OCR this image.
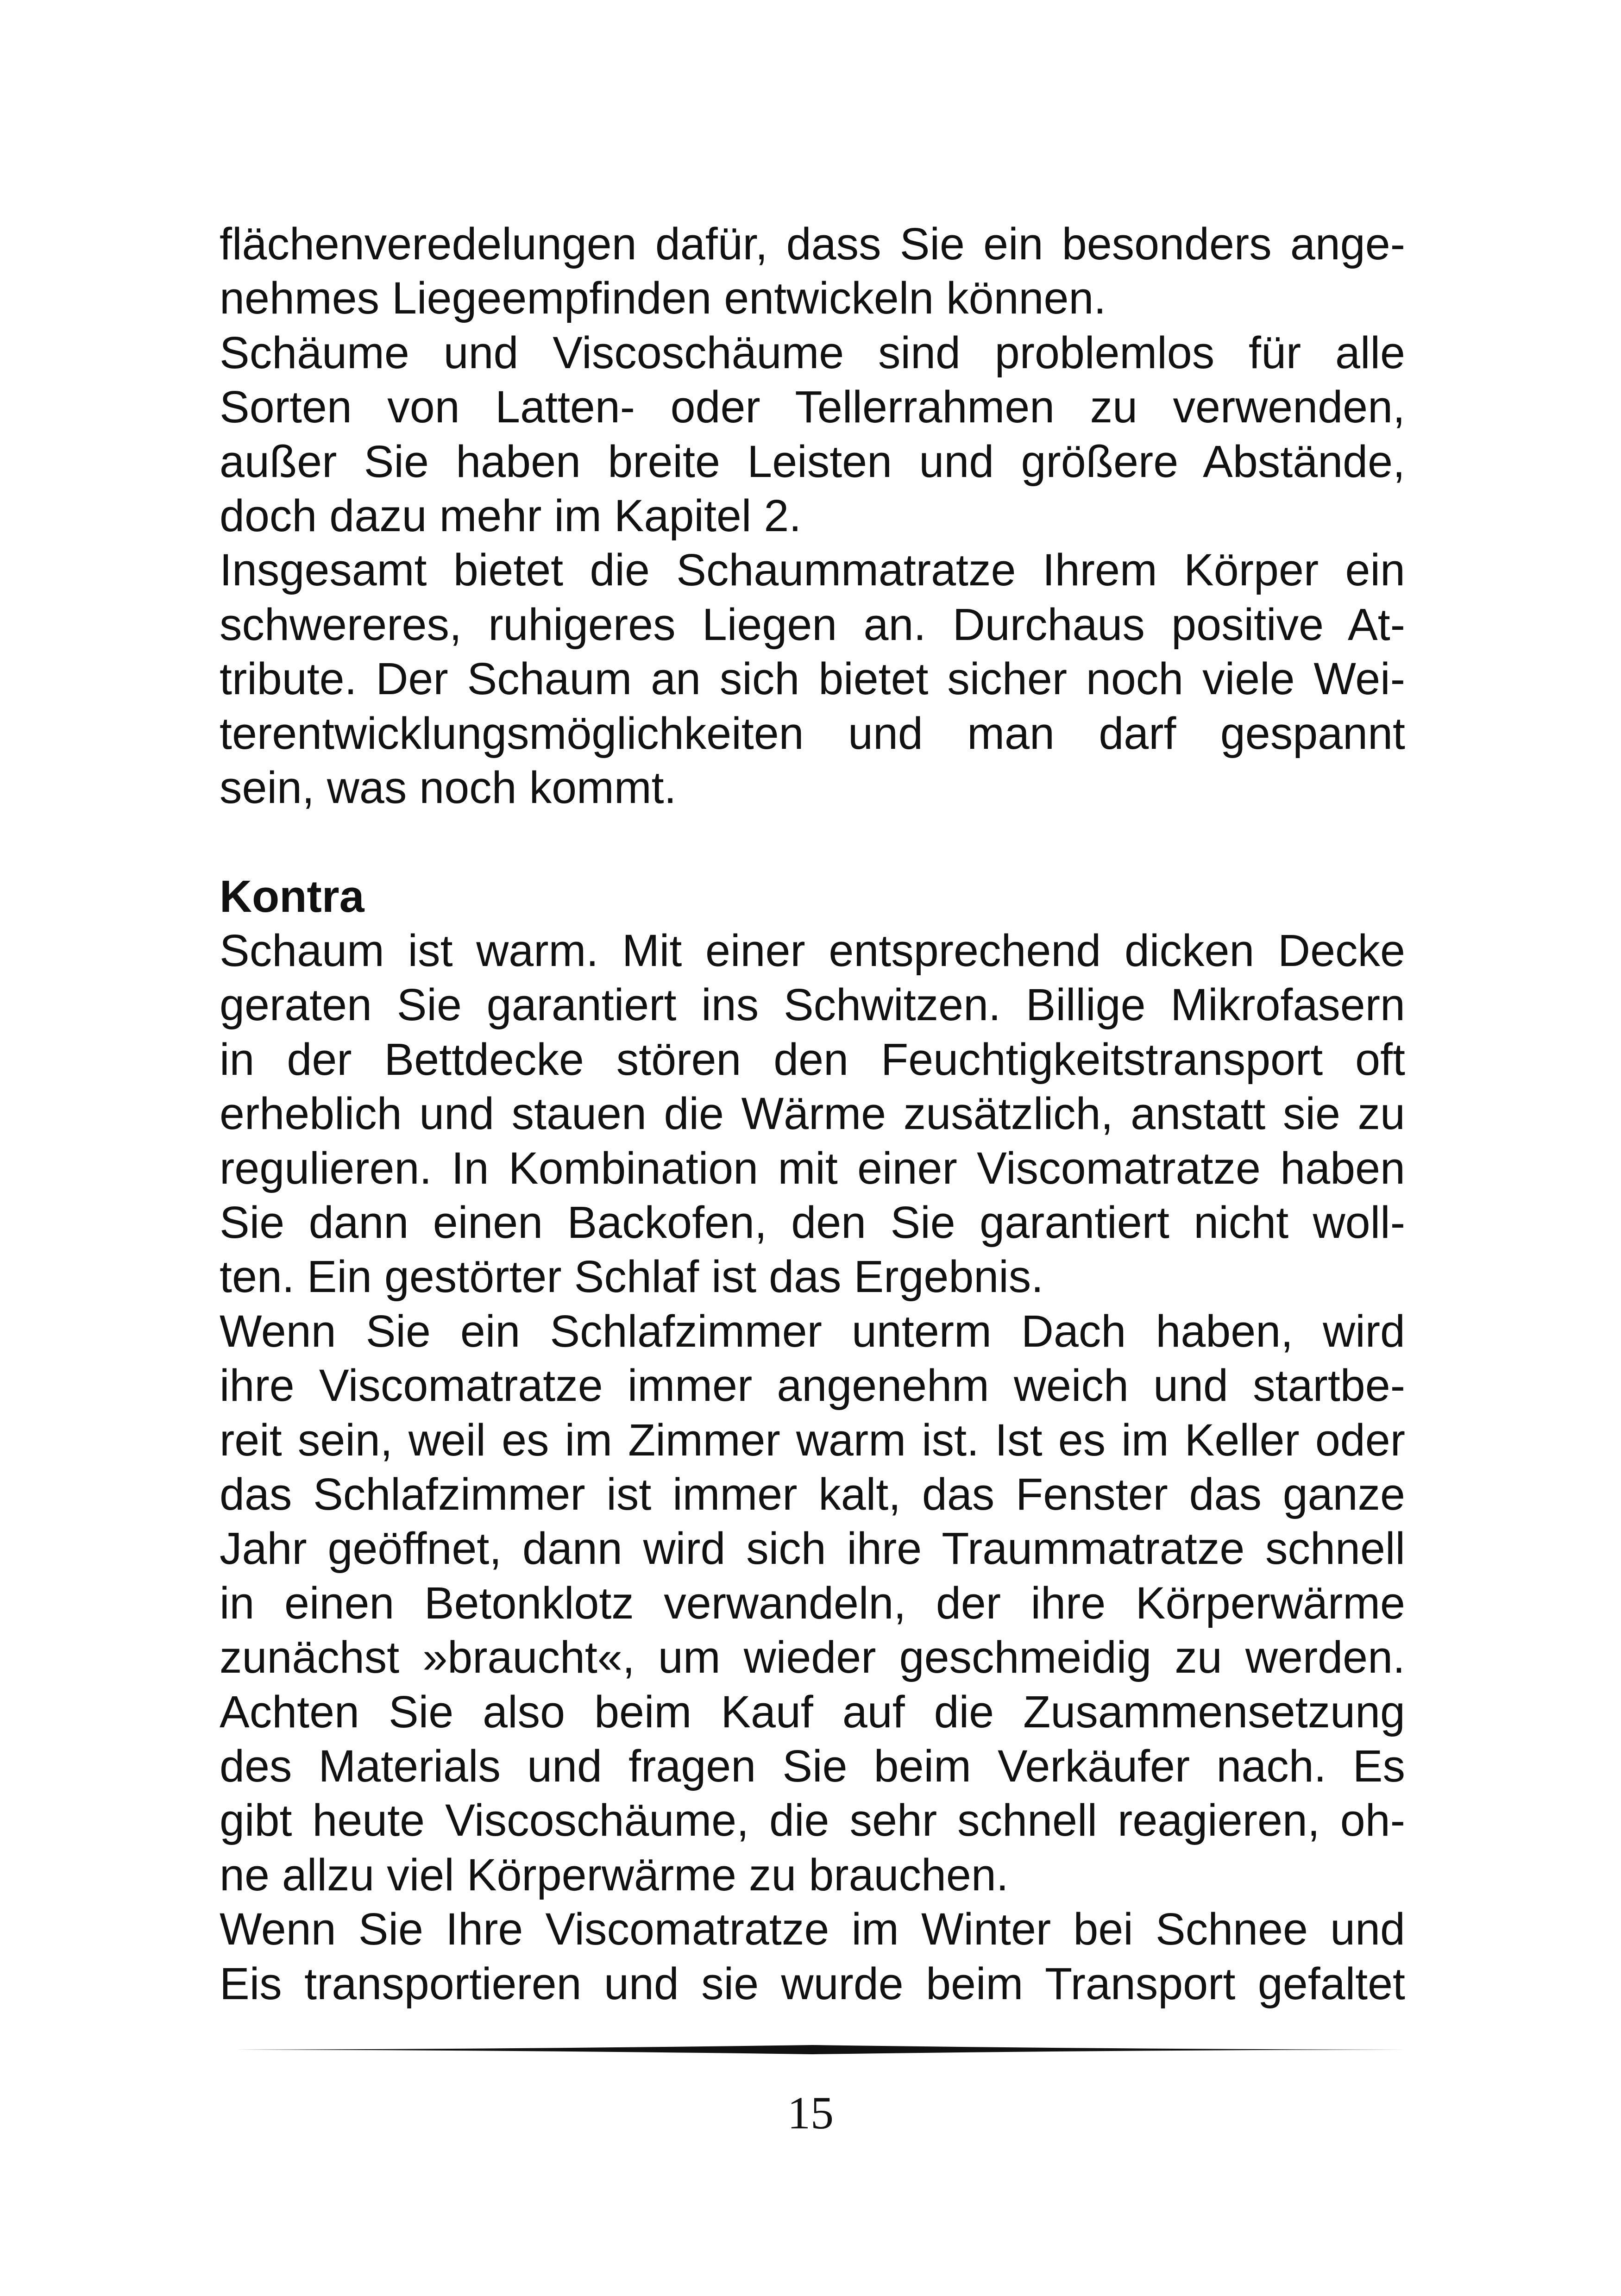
flächenveredelungen dafür, dass Sie ein besonders ange-
nehmes Liegeempfinden entwickeln können.
Schäume und Viscoschäume sind problemlos für alle
Sorten von Latten- oder Tellerrahmen zu verwenden,
außer Sie haben breite Leisten und größere Abstände,
doch dazu mehr im Kapitel 2.
Insgesamt bietet die Schaummatratze Ihrem Körper ein
schwereres, ruhigeres Liegen an. Durchaus positive At-
tribute. Der Schaum an sich bietet sicher noch viele Wei-
terentwicklungsmöglichkeiten und man darf gespannt
sein, was noch kommt.
Kontra
Schaum ist warm. Mit einer entsprechend dicken Decke
geraten Sie garantiert ins Schwitzen. Billige Mikrofasern
in der Bettdecke stören den Feuchtigkeitstransport oft
erheblich und stauen die Wärme zusätzlich, anstatt sie zu
regulieren. In Kombination mit einer Viscomatratze haben
Sie dann einen Backofen, den Sie garantiert nicht woll-
ten. Ein gestörter Schlaf ist das Ergebnis.
Wenn Sie ein Schlafzimmer unterm Dach haben, wird
ihre Viscomatratze immer angenehm weich und startbe-
reit sein, weil es im Zimmer warm ist. Ist es im Keller oder
das Schlafzimmer ist immer kalt, das Fenster das ganze
Jahr geöffnet, dann wird sich ihre Traummatratze schnell
in einen Betonklotz verwandeln, der ihre Körperwärme
zunächst »braucht«, um wieder geschmeidig zu werden.
Achten Sie also beim Kauf auf die Zusammensetzung
des Materials und fragen Sie beim Verkäufer nach. Es
gibt heute Viscoschäume, die sehr schnell reagieren, oh-
ne allzu viel Körperwärme zu brauchen.
Wenn Sie Ihre Viscomatratze im Winter bei Schnee und
Eis transportieren und sie wurde beim Transport gefaltet
15
